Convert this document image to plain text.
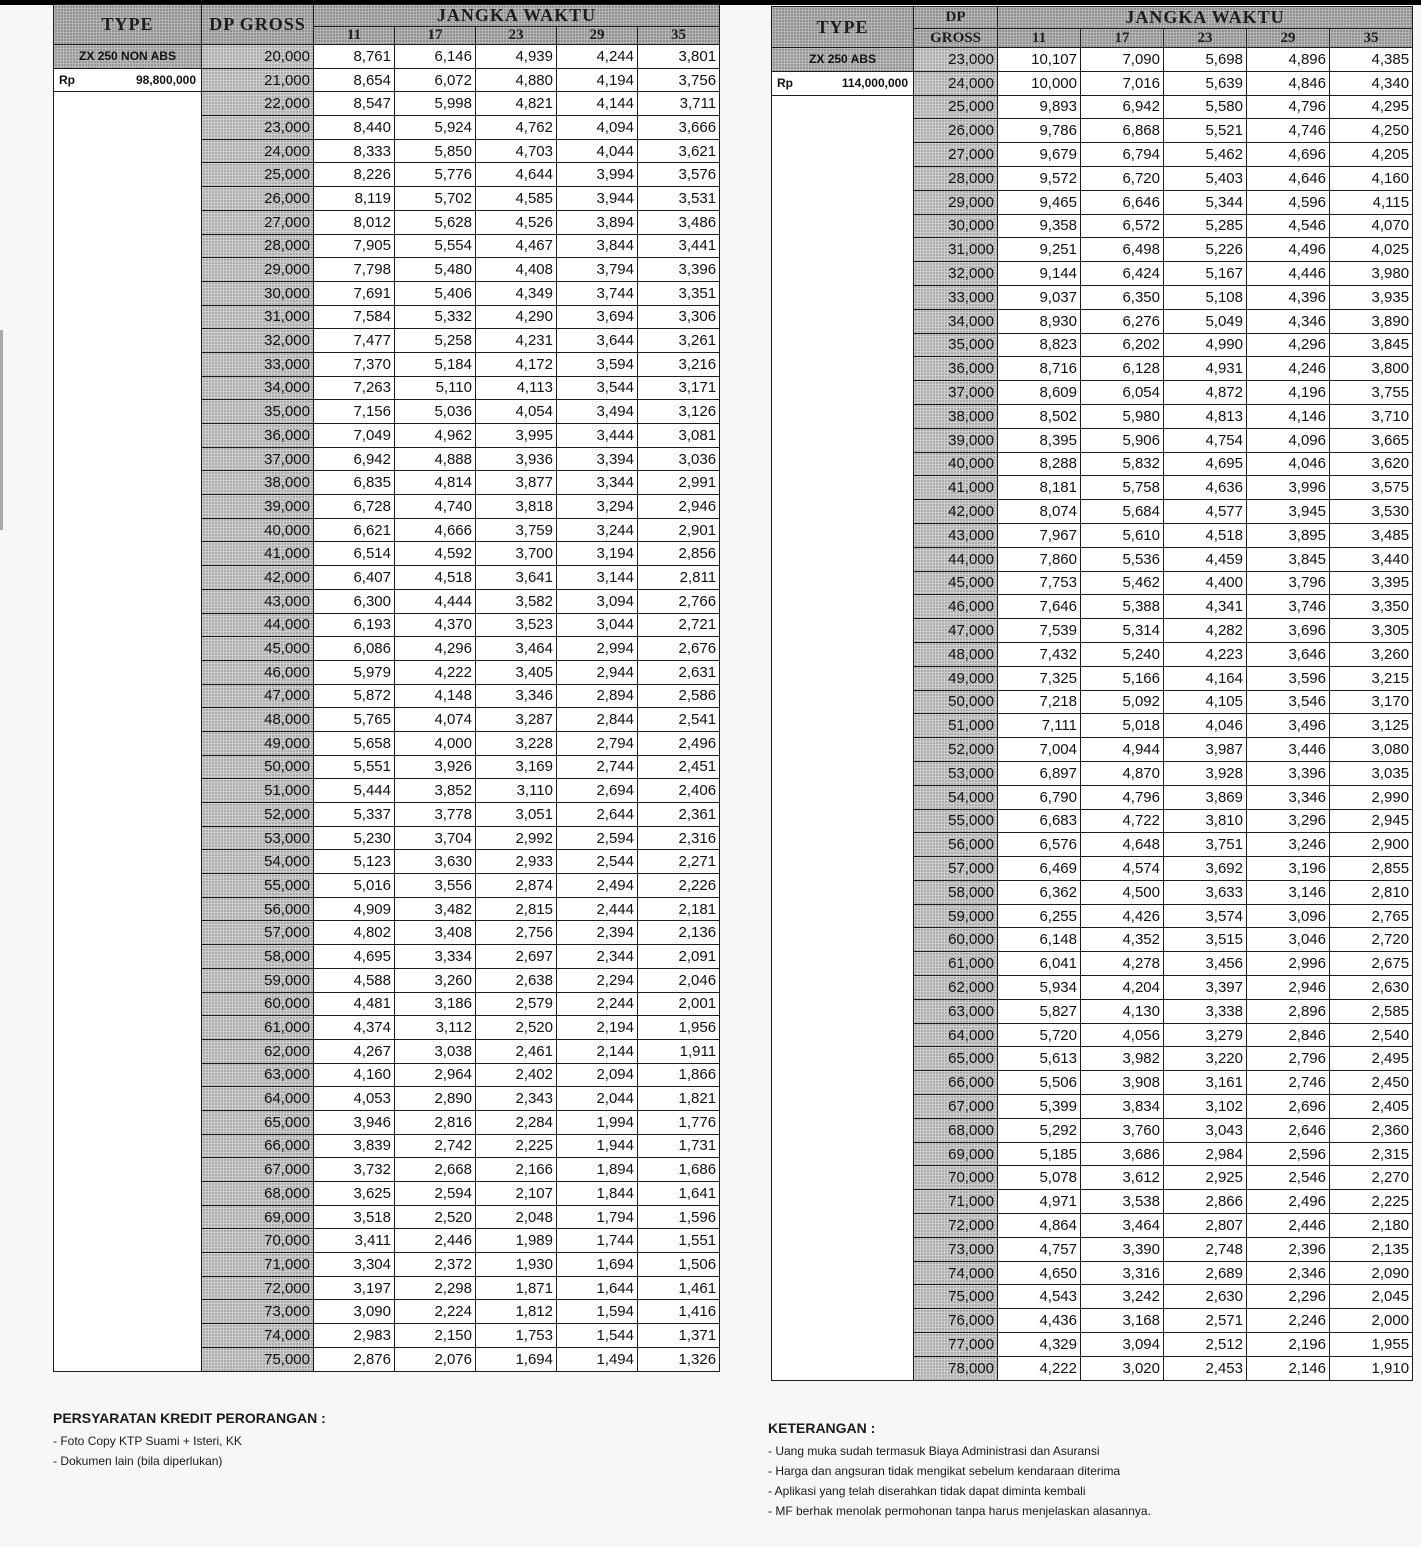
TYPE	DP GROSS	JANGKA WAKTU				
		11	17	23	29	35
ZX 250 NON ABS	20,000	8,761	6,146	4,939	4,244	3,801
Rp 98,800,000	21,000	8,654	6,072	4,880	4,194	3,756
	22,000	8,547	5,998	4,821	4,144	3,711
	23,000	8,440	5,924	4,762	4,094	3,666
	24,000	8,333	5,850	4,703	4,044	3,621
	25,000	8,226	5,776	4,644	3,994	3,576
	26,000	8,119	5,702	4,585	3,944	3,531
	27,000	8,012	5,628	4,526	3,894	3,486
	28,000	7,905	5,554	4,467	3,844	3,441
	29,000	7,798	5,480	4,408	3,794	3,396
	30,000	7,691	5,406	4,349	3,744	3,351
	31,000	7,584	5,332	4,290	3,694	3,306
	32,000	7,477	5,258	4,231	3,644	3,261
	33,000	7,370	5,184	4,172	3,594	3,216
	34,000	7,263	5,110	4,113	3,544	3,171
	35,000	7,156	5,036	4,054	3,494	3,126
	36,000	7,049	4,962	3,995	3,444	3,081
	37,000	6,942	4,888	3,936	3,394	3,036
	38,000	6,835	4,814	3,877	3,344	2,991
	39,000	6,728	4,740	3,818	3,294	2,946
	40,000	6,621	4,666	3,759	3,244	2,901
	41,000	6,514	4,592	3,700	3,194	2,856
	42,000	6,407	4,518	3,641	3,144	2,811
	43,000	6,300	4,444	3,582	3,094	2,766
	44,000	6,193	4,370	3,523	3,044	2,721
	45,000	6,086	4,296	3,464	2,994	2,676
	46,000	5,979	4,222	3,405	2,944	2,631
	47,000	5,872	4,148	3,346	2,894	2,586
	48,000	5,765	4,074	3,287	2,844	2,541
	49,000	5,658	4,000	3,228	2,794	2,496
	50,000	5,551	3,926	3,169	2,744	2,451
	51,000	5,444	3,852	3,110	2,694	2,406
	52,000	5,337	3,778	3,051	2,644	2,361
	53,000	5,230	3,704	2,992	2,594	2,316
	54,000	5,123	3,630	2,933	2,544	2,271
	55,000	5,016	3,556	2,874	2,494	2,226
	56,000	4,909	3,482	2,815	2,444	2,181
	57,000	4,802	3,408	2,756	2,394	2,136
	58,000	4,695	3,334	2,697	2,344	2,091
	59,000	4,588	3,260	2,638	2,294	2,046
	60,000	4,481	3,186	2,579	2,244	2,001
	61,000	4,374	3,112	2,520	2,194	1,956
	62,000	4,267	3,038	2,461	2,144	1,911
	63,000	4,160	2,964	2,402	2,094	1,866
	64,000	4,053	2,890	2,343	2,044	1,821
	65,000	3,946	2,816	2,284	1,994	1,776
	66,000	3,839	2,742	2,225	1,944	1,731
	67,000	3,732	2,668	2,166	1,894	1,686
	68,000	3,625	2,594	2,107	1,844	1,641
	69,000	3,518	2,520	2,048	1,794	1,596
	70,000	3,411	2,446	1,989	1,744	1,551
	71,000	3,304	2,372	1,930	1,694	1,506
	72,000	3,197	2,298	1,871	1,644	1,461
	73,000	3,090	2,224	1,812	1,594	1,416
	74,000	2,983	2,150	1,753	1,544	1,371
	75,000	2,876	2,076	1,694	1,494	1,326
TYPE	DP	JANGKA WAKTU				
	GROSS	11	17	23	29	35
ZX 250 ABS	23,000	10,107	7,090	5,698	4,896	4,385
Rp 114,000,000	24,000	10,000	7,016	5,639	4,846	4,340
	25,000	9,893	6,942	5,580	4,796	4,295
	26,000	9,786	6,868	5,521	4,746	4,250
	27,000	9,679	6,794	5,462	4,696	4,205
	28,000	9,572	6,720	5,403	4,646	4,160
	29,000	9,465	6,646	5,344	4,596	4,115
	30,000	9,358	6,572	5,285	4,546	4,070
	31,000	9,251	6,498	5,226	4,496	4,025
	32,000	9,144	6,424	5,167	4,446	3,980
	33,000	9,037	6,350	5,108	4,396	3,935
	34,000	8,930	6,276	5,049	4,346	3,890
	35,000	8,823	6,202	4,990	4,296	3,845
	36,000	8,716	6,128	4,931	4,246	3,800
	37,000	8,609	6,054	4,872	4,196	3,755
	38,000	8,502	5,980	4,813	4,146	3,710
	39,000	8,395	5,906	4,754	4,096	3,665
	40,000	8,288	5,832	4,695	4,046	3,620
	41,000	8,181	5,758	4,636	3,996	3,575
	42,000	8,074	5,684	4,577	3,945	3,530
	43,000	7,967	5,610	4,518	3,895	3,485
	44,000	7,860	5,536	4,459	3,845	3,440
	45,000	7,753	5,462	4,400	3,796	3,395
	46,000	7,646	5,388	4,341	3,746	3,350
	47,000	7,539	5,314	4,282	3,696	3,305
	48,000	7,432	5,240	4,223	3,646	3,260
	49,000	7,325	5,166	4,164	3,596	3,215
	50,000	7,218	5,092	4,105	3,546	3,170
	51,000	7,111	5,018	4,046	3,496	3,125
	52,000	7,004	4,944	3,987	3,446	3,080
	53,000	6,897	4,870	3,928	3,396	3,035
	54,000	6,790	4,796	3,869	3,346	2,990
	55,000	6,683	4,722	3,810	3,296	2,945
	56,000	6,576	4,648	3,751	3,246	2,900
	57,000	6,469	4,574	3,692	3,196	2,855
	58,000	6,362	4,500	3,633	3,146	2,810
	59,000	6,255	4,426	3,574	3,096	2,765
	60,000	6,148	4,352	3,515	3,046	2,720
	61,000	6,041	4,278	3,456	2,996	2,675
	62,000	5,934	4,204	3,397	2,946	2,630
	63,000	5,827	4,130	3,338	2,896	2,585
	64,000	5,720	4,056	3,279	2,846	2,540
	65,000	5,613	3,982	3,220	2,796	2,495
	66,000	5,506	3,908	3,161	2,746	2,450
	67,000	5,399	3,834	3,102	2,696	2,405
	68,000	5,292	3,760	3,043	2,646	2,360
	69,000	5,185	3,686	2,984	2,596	2,315
	70,000	5,078	3,612	2,925	2,546	2,270
	71,000	4,971	3,538	2,866	2,496	2,225
	72,000	4,864	3,464	2,807	2,446	2,180
	73,000	4,757	3,390	2,748	2,396	2,135
	74,000	4,650	3,316	2,689	2,346	2,090
	75,000	4,543	3,242	2,630	2,296	2,045
	76,000	4,436	3,168	2,571	2,246	2,000
	77,000	4,329	3,094	2,512	2,196	1,955
	78,000	4,222	3,020	2,453	2,146	1,910
PERSYARATAN KREDIT PERORANGAN :
- Foto Copy KTP Suami + Isteri, KK
- Dokumen lain (bila diperlukan)
KETERANGAN :
- Uang muka sudah termasuk Biaya Administrasi dan Asuransi
- Harga dan angsuran tidak mengikat sebelum kendaraan diterima
- Aplikasi yang telah diserahkan tidak dapat diminta kembali
- MF berhak menolak permohonan tanpa harus menjelaskan alasannya.
